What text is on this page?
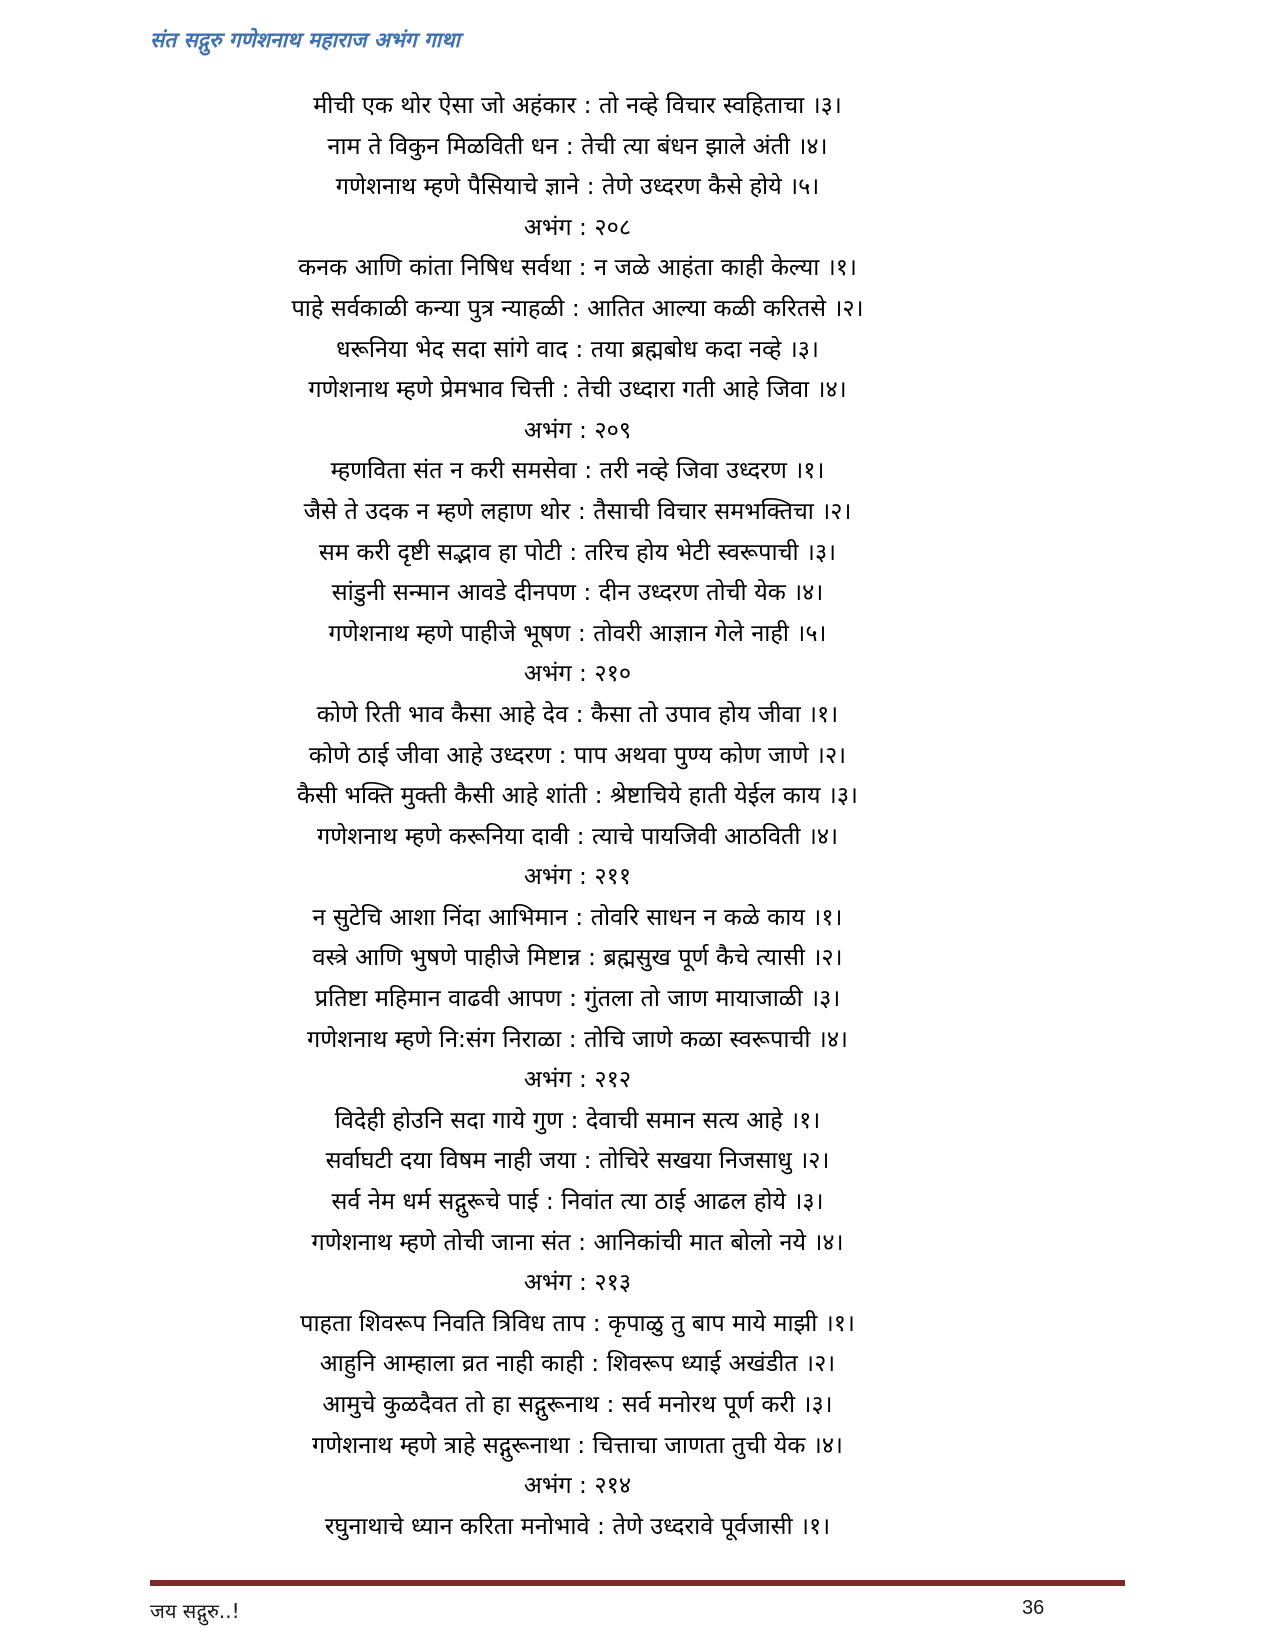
संत सद्गुरु गणेशनाथ महाराज अभंग गाथा
मीची एक थोर ऐसा जो अहंकार : तो नव्हे विचार स्वहिताचा ।३।
नाम ते विकुन मिळविती धन : तेची त्या बंधन झाले अंती ।४।
गणेशनाथ म्हणे पैसियाचे ज्ञाने : तेणे उध्दरण कैसे होये ।५।
अभंग : २०८
कनक आणि कांता निषिध सर्वथा : न जळे आहंता काही केल्या ।१।
पाहे सर्वकाळी कन्या पुत्र न्याहळी : आतित आल्या कळी करितसे ।२।
धरूनिया भेद सदा सांगे वाद : तया ब्रह्मबोध कदा नव्हे ।३।
गणेशनाथ म्हणे प्रेमभाव चित्ती : तेची उध्दारा गती आहे जिवा ।४।
अभंग : २०९
म्हणविता संत न करी समसेवा : तरी नव्हे जिवा उध्दरण ।१।
जैसे ते उदक न म्हणे लहाण थोर : तैसाची विचार समभक्तिचा ।२।
सम करी दृष्टी सद्भाव हा पोटी : तरिच होय भेटी स्वरूपाची ।३।
सांडुनी सन्मान आवडे दीनपण : दीन उध्दरण तोची येक ।४।
गणेशनाथ म्हणे पाहीजे भूषण : तोवरी आज्ञान गेले नाही ।५।
अभंग : २१०
कोणे रिती भाव कैसा आहे देव : कैसा तो उपाव होय जीवा ।१।
कोणे ठाई जीवा आहे उध्दरण : पाप अथवा पुण्य कोण जाणे ।२।
कैसी भक्ति मुक्ती कैसी आहे शांती : श्रेष्टाचिये हाती येईल काय ।३।
गणेशनाथ म्हणे करूनिया दावी : त्याचे पायजिवी आठविती ।४।
अभंग : २११
न सुटेचि आशा निंदा आभिमान : तोवरि साधन न कळे काय ।१।
वस्त्रे आणि भुषणे पाहीजे मिष्टान्न : ब्रह्मसुख पूर्ण कैचे त्यासी ।२।
प्रतिष्टा महिमान वाढवी आपण : गुंतला तो जाण मायाजाळी ।३।
गणेशनाथ म्हणे नि:संग निराळा : तोचि जाणे कळा स्वरूपाची ।४।
अभंग : २१२
विदेही होउनि सदा गाये गुण : देवाची समान सत्य आहे ।१।
सर्वाघटी दया विषम नाही जया : तोचिरे सखया निजसाधु ।२।
सर्व नेम धर्म सद्गुरूचे पाई : निवांत त्या ठाई आढल होये ।३।
गणेशनाथ म्हणे तोची जाना संत : आनिकांची मात बोलो नये ।४।
अभंग : २१३
पाहता शिवरूप निवति त्रिविध ताप : कृपाळु तु बाप माये माझी ।१।
आहुनि आम्हाला व्रत नाही काही : शिवरूप ध्याई अखंडीत ।२।
आमुचे कुळदैवत तो हा सद्गुरूनाथ : सर्व मनोरथ पूर्ण करी ।३।
गणेशनाथ म्हणे त्राहे सद्गुरूनाथा : चित्ताचा जाणता तुची येक ।४।
अभंग : २१४
रघुनाथाचे ध्यान करिता मनोभावे : तेणे उध्दरावे पूर्वजासी ।१।
जय सद्गुरु..!	36
